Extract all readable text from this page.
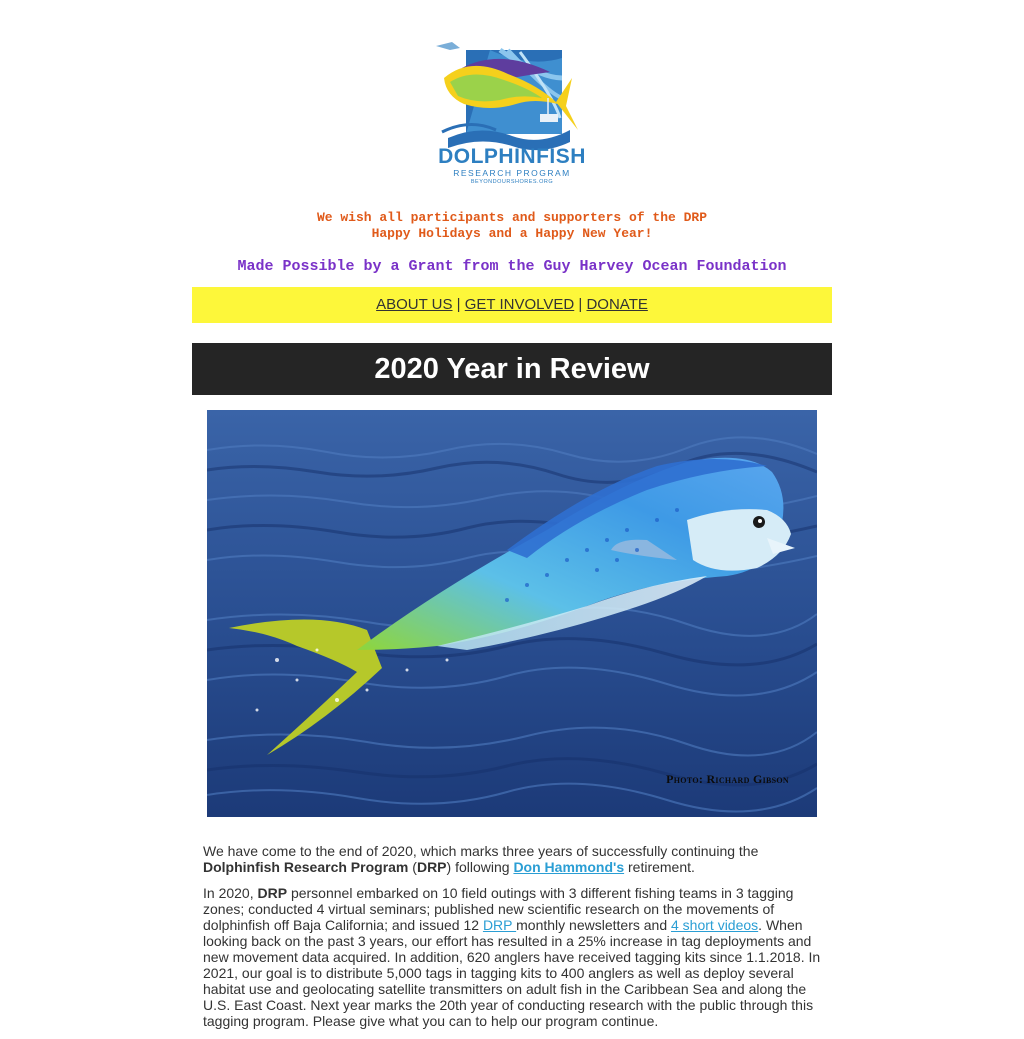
DOLPHINFISH
RESEARCH PROGRAM
BEYONDOURSHORES.ORG
We wish all participants and supporters of the DRP
Happy Holidays and a Happy New Year!
Made Possible by a Grant from the Guy Harvey Ocean Foundation
ABOUT US | GET INVOLVED | DONATE
2020 Year in Review
Photo: Richard Gibson

We have come to the end of 2020, which marks three years of successfully continuing the Dolphinfish Research Program (DRP) following Don Hammond's retirement.

In 2020, DRP personnel embarked on 10 field outings with 3 different fishing teams in 3 tagging zones; conducted 4 virtual seminars; published new scientific research on the movements of dolphinfish off Baja California; and issued 12 DRP monthly newsletters and 4 short videos. When looking back on the past 3 years, our effort has resulted in a 25% increase in tag deployments and new movement data acquired. In addition, 620 anglers have received tagging kits since 1.1.2018. In 2021, our goal is to distribute 5,000 tags in tagging kits to 400 anglers as well as deploy several habitat use and geolocating satellite transmitters on adult fish in the Caribbean Sea and along the U.S. East Coast. Next year marks the 20th year of conducting research with the public through this tagging program. Please give what you can to help our program continue.
